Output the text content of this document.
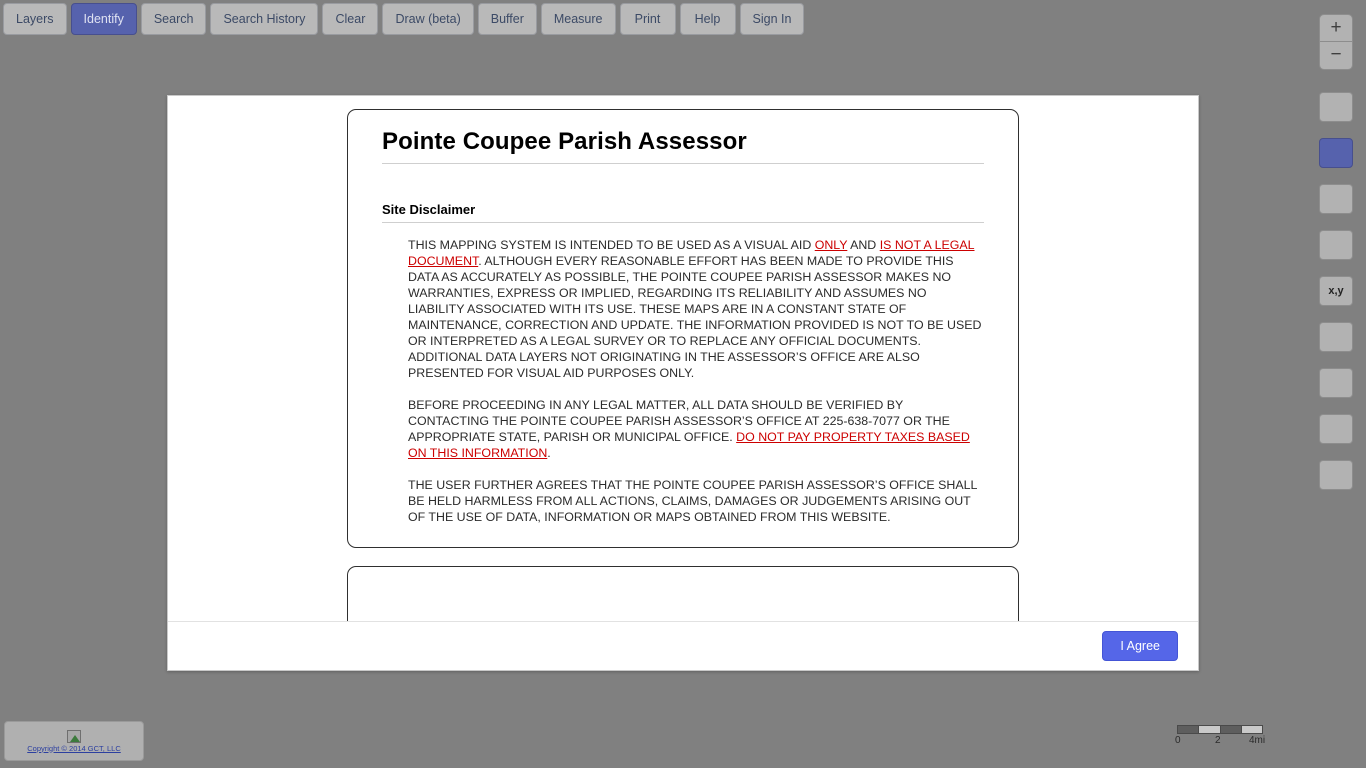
Layers	Identify	Search	Search History	Clear	Draw (beta)	Buffer	Measure	Print	Help	Sign In	+
−
x,y
Copyright © 2014 GCT, LLC
0	2	4mi
Pointe Coupee Parish Assessor
Site Disclaimer

THIS MAPPING SYSTEM IS INTENDED TO BE USED AS A VISUAL AID ONLY AND IS NOT A LEGAL DOCUMENT. ALTHOUGH EVERY REASONABLE EFFORT HAS BEEN MADE TO PROVIDE THIS DATA AS ACCURATELY AS POSSIBLE, THE POINTE COUPEE PARISH ASSESSOR MAKES NO WARRANTIES, EXPRESS OR IMPLIED, REGARDING ITS RELIABILITY AND ASSUMES NO LIABILITY ASSOCIATED WITH ITS USE. THESE MAPS ARE IN A CONSTANT STATE OF MAINTENANCE, CORRECTION AND UPDATE. THE INFORMATION PROVIDED IS NOT TO BE USED OR INTERPRETED AS A LEGAL SURVEY OR TO REPLACE ANY OFFICIAL DOCUMENTS. ADDITIONAL DATA LAYERS NOT ORIGINATING IN THE ASSESSOR’S OFFICE ARE ALSO PRESENTED FOR VISUAL AID PURPOSES ONLY.

BEFORE PROCEEDING IN ANY LEGAL MATTER, ALL DATA SHOULD BE VERIFIED BY CONTACTING THE POINTE COUPEE PARISH ASSESSOR’S OFFICE AT 225-638-7077 OR THE APPROPRIATE STATE, PARISH OR MUNICIPAL OFFICE. DO NOT PAY PROPERTY TAXES BASED ON THIS INFORMATION.

THE USER FURTHER AGREES THAT THE POINTE COUPEE PARISH ASSESSOR’S OFFICE SHALL BE HELD HARMLESS FROM ALL ACTIONS, CLAIMS, DAMAGES OR JUDGEMENTS ARISING OUT OF THE USE OF DATA, INFORMATION OR MAPS OBTAINED FROM THIS WEBSITE.

I Agree
